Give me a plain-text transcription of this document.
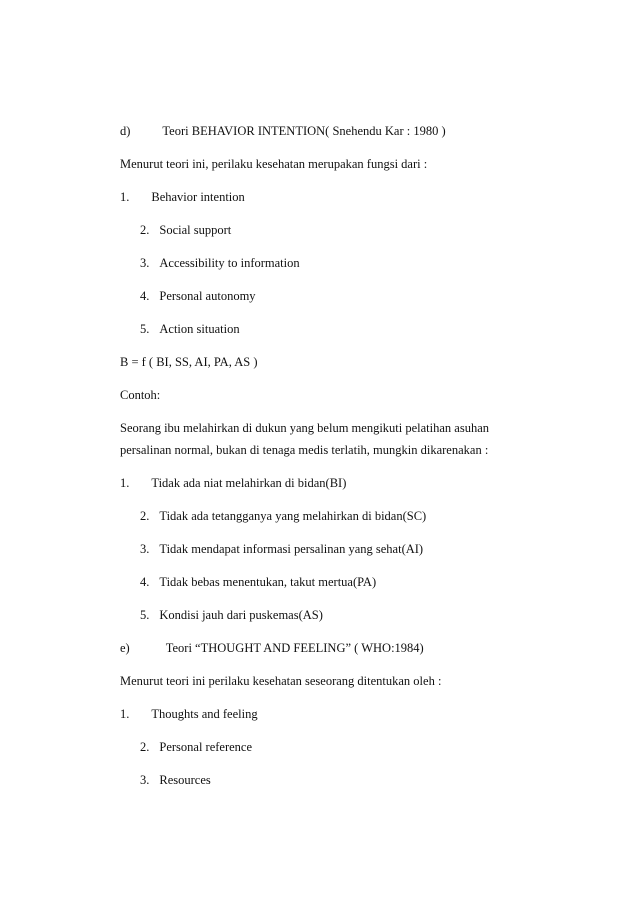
d)	Teori BEHAVIOR INTENTION( Snehendu Kar : 1980 )
Menurut teori ini, perilaku kesehatan merupakan fungsi dari :
1. Behavior intention
2. Social support
3. Accessibility to information
4. Personal autonomy
5. Action situation
B = f ( BI, SS, AI, PA, AS )
Contoh:
Seorang ibu melahirkan di dukun yang belum mengikuti pelatihan asuhan
persalinan normal, bukan di tenaga medis terlatih, mungkin dikarenakan :
1. Tidak ada niat melahirkan di bidan(BI)
2. Tidak ada tetangganya yang melahirkan di bidan(SC)
3. Tidak mendapat informasi persalinan yang sehat(AI)
4. Tidak bebas menentukan, takut mertua(PA)
5. Kondisi jauh dari puskemas(AS)
e)	Teori “THOUGHT AND FEELING” ( WHO:1984)
Menurut teori ini perilaku kesehatan seseorang ditentukan oleh :
1. Thoughts and feeling
2. Personal reference
3. Resources
